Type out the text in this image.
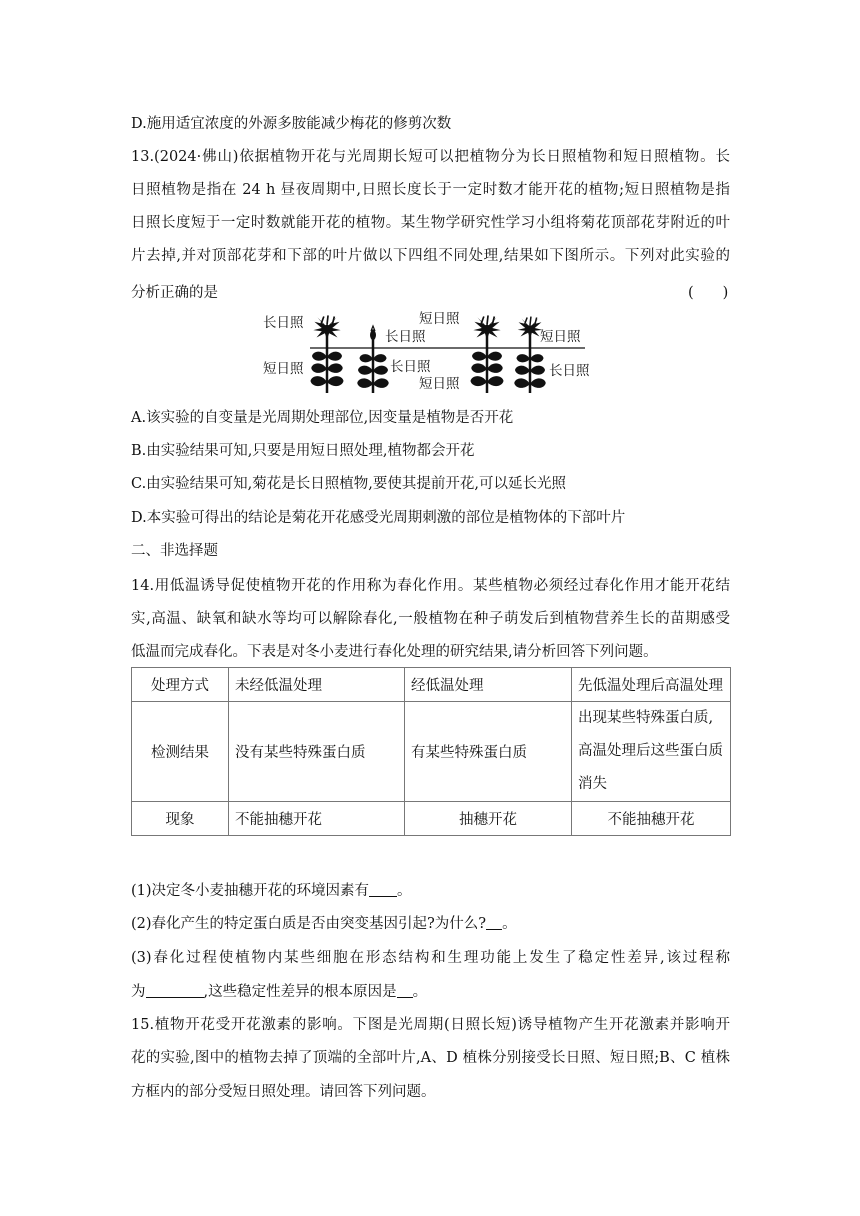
D.施用适宜浓度的外源多胺能减少梅花的修剪次数
13.(2024·佛山)依据植物开花与光周期长短可以把植物分为长日照植物和短日照植物。长
日照植物是指在 24 h 昼夜周期中,日照长度长于一定时数才能开花的植物;短日照植物是指
日照长度短于一定时数就能开花的植物。某生物学研究性学习小组将菊花顶部花芽附近的叶
片去掉,并对顶部花芽和下部的叶片做以下四组不同处理,结果如下图所示。下列对此实验的
分析正确的是	(　　)
长日照
短日照
长日照
长日照
短日照
短日照
短日照
长日照
A.该实验的自变量是光周期处理部位,因变量是植物是否开花
B.由实验结果可知,只要是用短日照处理,植物都会开花
C.由实验结果可知,菊花是长日照植物,要使其提前开花,可以延长光照
D.本实验可得出的结论是菊花开花感受光周期刺激的部位是植物体的下部叶片
二、非选择题
14.用低温诱导促使植物开花的作用称为春化作用。某些植物必须经过春化作用才能开花结
实,高温、缺氧和缺水等均可以解除春化,一般植物在种子萌发后到植物营养生长的苗期感受
低温而完成春化。下表是对冬小麦进行春化处理的研究结果,请分析回答下列问题。
处理方式	未经低温处理	经低温处理	先低温处理后高温处理
检测结果	没有某些特殊蛋白质	有某些特殊蛋白质	出现某些特殊蛋白质,
高温处理后这些蛋白质
消失

现象	不能抽穗开花	抽穗开花	不能抽穗开花
(1)决定冬小麦抽穗开花的环境因素有 。
(2)春化产生的特定蛋白质是否由突变基因引起?为什么? 。
(3)春化过程使植物内某些细胞在形态结构和生理功能上发生了稳定性差异,该过程称
为	,这些稳定性差异的根本原因是 。
15.植物开花受开花激素的影响。下图是光周期(日照长短)诱导植物产生开花激素并影响开
花的实验,图中的植物去掉了顶端的全部叶片,A、D 植株分别接受长日照、短日照;B、C 植株
方框内的部分受短日照处理。请回答下列问题。
